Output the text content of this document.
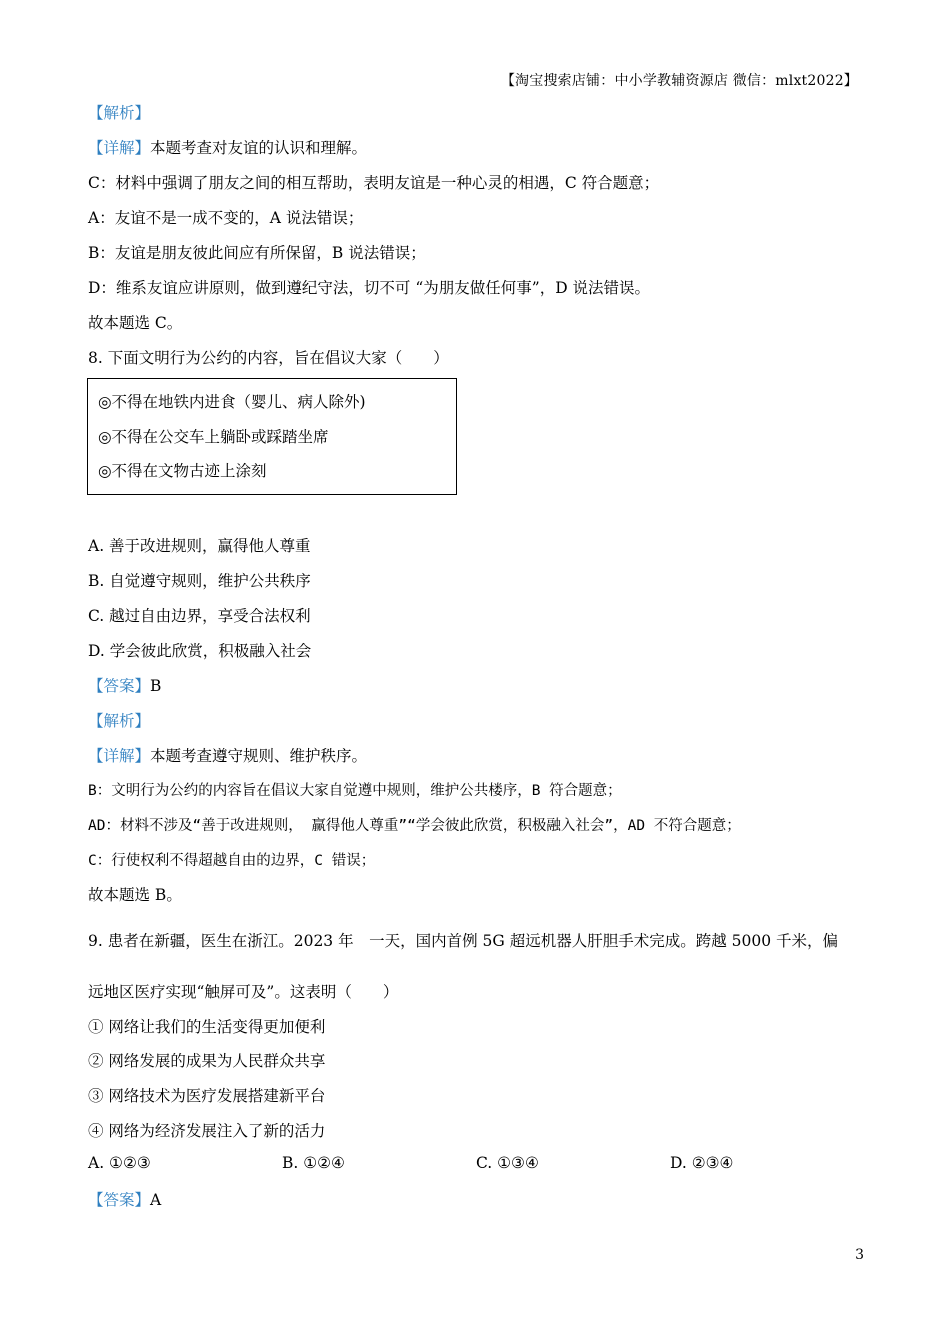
【淘宝搜索店铺：中小学教辅资源店 微信：mlxt2022】
【解析】
【详解】本题考查对友谊的认识和理解。
C：材料中强调了朋友之间的相互帮助，表明友谊是一种心灵的相遇，C 符合题意；
A：友谊不是一成不变的，A 说法错误；
B：友谊是朋友彼此间应有所保留，B 说法错误；
D：维系友谊应讲原则，做到遵纪守法，切不可 “为朋友做任何事”，D 说法错误。
故本题选 C。
8. 下面文明行为公约的内容，旨在倡议大家（　　）
◎不得在地铁内进食（婴儿、病人除外)
◎不得在公交车上躺卧或踩踏坐席
◎不得在文物古迹上涂刻
A. 善于改进规则，赢得他人尊重
B. 自觉遵守规则，维护公共秩序
C. 越过自由边界，享受合法权利
D. 学会彼此欣赏，积极融入社会
【答案】B
【解析】
【详解】本题考查遵守规则、维护秩序。
B：文明行为公约的内容旨在倡议大家自觉遵中规则，维护公共楼序，B 符合题意；
AD：材料不涉及“善于改进规则， 赢得他人尊重”“学会彼此欣赏，积极融入社会”，AD 不符合题意；
C：行使权利不得超越自由的边界，C 错误；
故本题选 B。
9. 患者在新疆，医生在浙江。2023 年　一天，国内首例 5G 超远机器人肝胆手术完成。跨越 5000 千米，偏
远地区医疗实现“触屏可及”。这表明（　　）
① 网络让我们的生活变得更加便利
② 网络发展的成果为人民群众共享
③ 网络技术为医疗发展搭建新平台
④ 网络为经济发展注入了新的活力
A. ①②③	B. ①②④	C. ①③④	D. ②③④
【答案】A
3
